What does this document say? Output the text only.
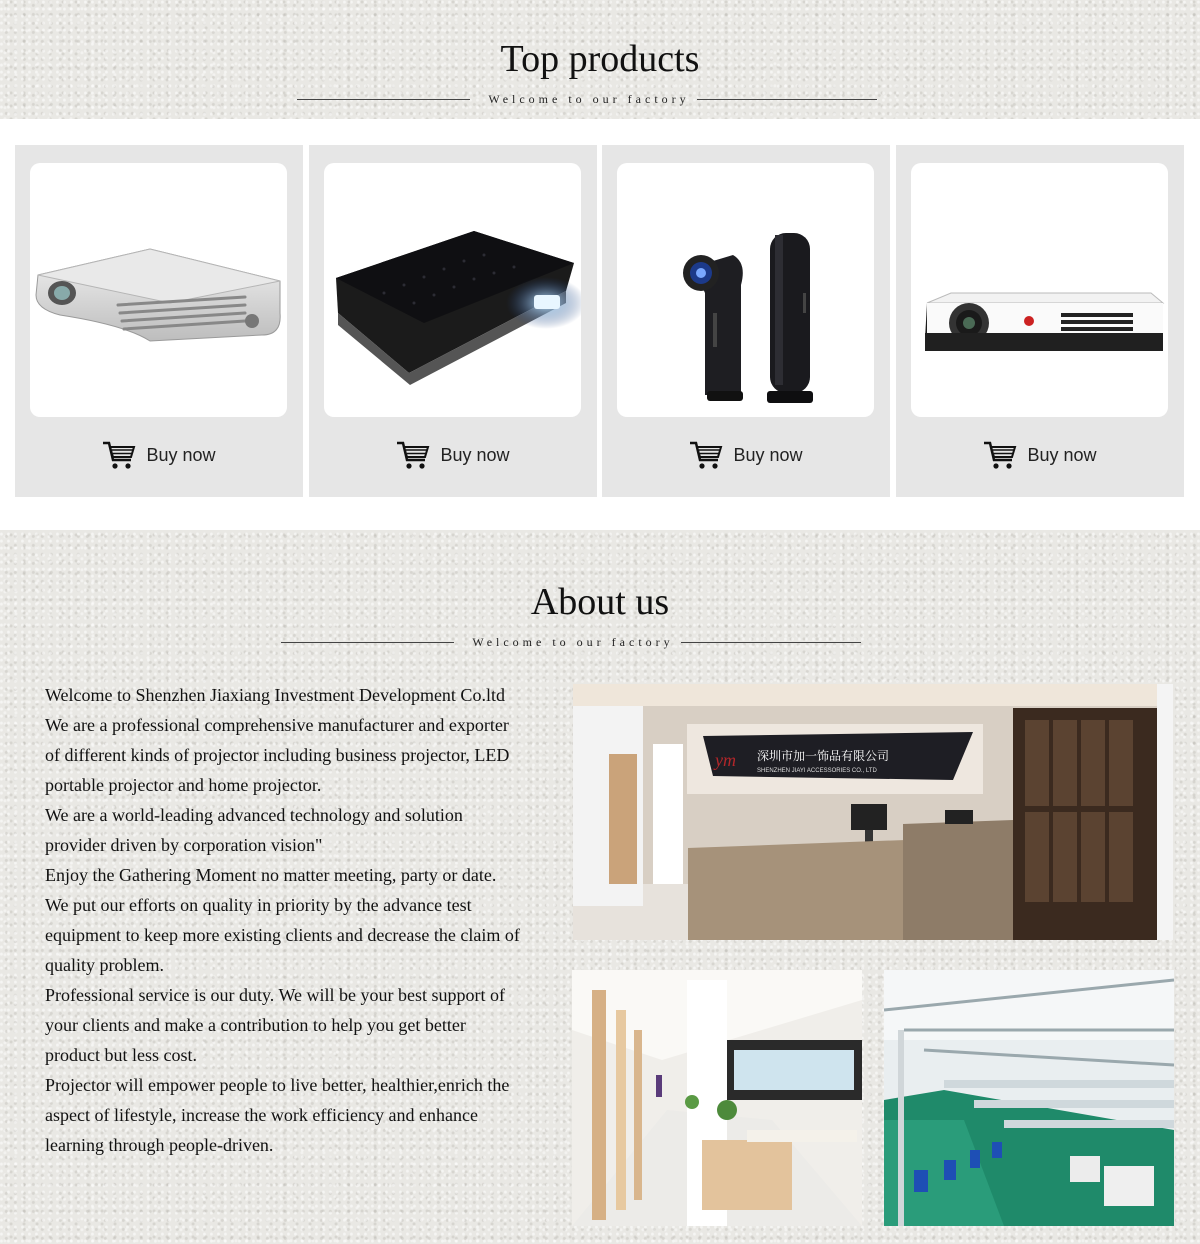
Top products
Welcome to our factory
Buy now	Buy now	Buy now	Buy now
About us
Welcome to our factory

Welcome to Shenzhen Jiaxiang Investment Development Co.ltd

We are a professional comprehensive manufacturer and exporter of different kinds of projector including business projector, LED portable projector and home projector.

We are a world-leading advanced technology and solution provider driven by corporation vision"

Enjoy the Gathering Moment no matter meeting, party or date.

We put our efforts on quality in priority by the advance test equipment to keep more existing clients and decrease the claim of quality problem.

Professional service is our duty. We will be your best support of your clients and make a contribution to help you get better product but less cost.

Projector will empower people to live better, healthier,enrich the aspect of lifestyle, increase the work efficiency and enhance learning through people-driven.

ym 深圳市加一饰品有限公司
SHENZHEN JIAYI ACCESSORIES CO., LTD
